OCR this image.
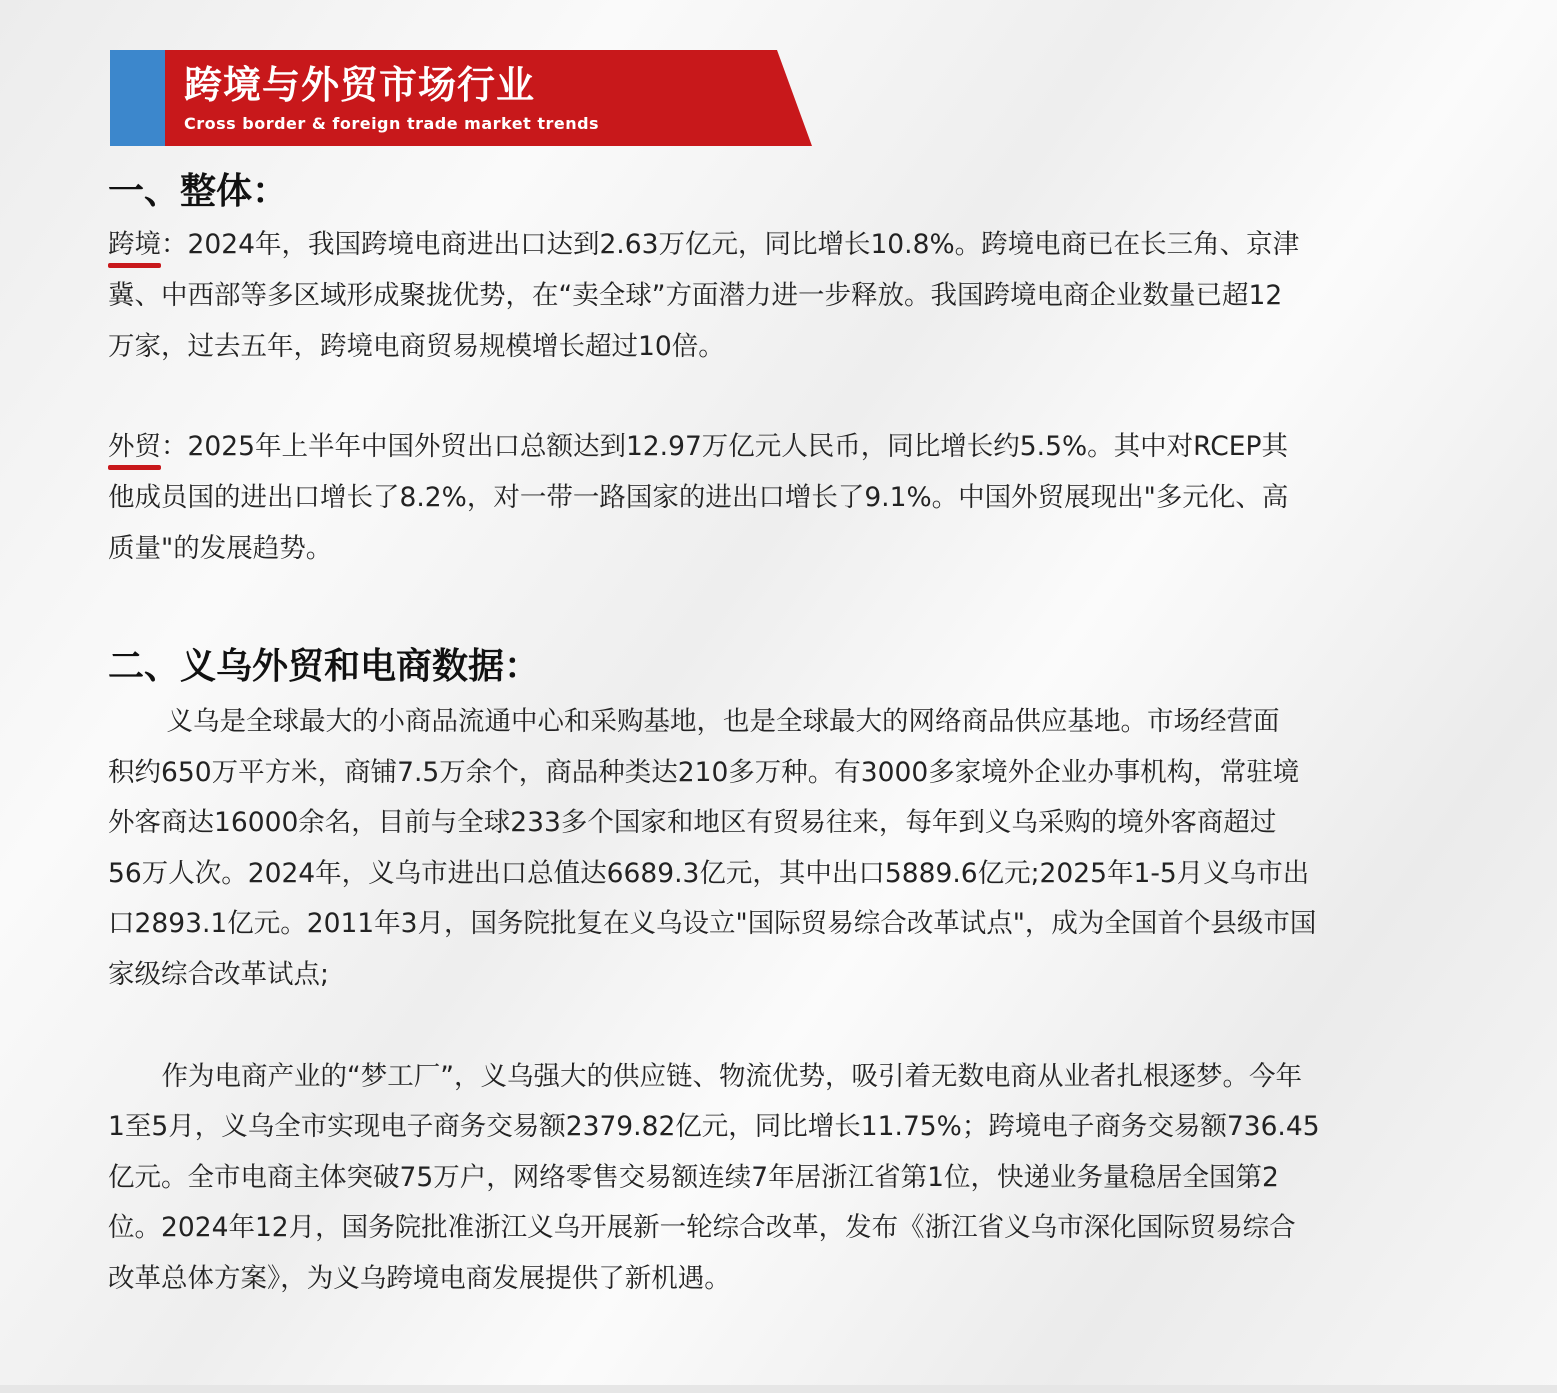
跨境与外贸市场行业
Cross border & foreign trade market trends
一、整体：
跨境：2024年，我国跨境电商进出口达到2.63万亿元，同比增长10.8%。跨境电商已在长三角、京津
冀、中西部等多区域形成聚拢优势，在“卖全球”方面潜力进一步释放。我国跨境电商企业数量已超12
万家，过去五年，跨境电商贸易规模增长超过10倍。
外贸：2025年上半年中国外贸出口总额达到12.97万亿元人民币，同比增长约5.5%。其中对RCEP其
他成员国的进出口增长了8.2%，对一带一路国家的进出口增长了9.1%。中国外贸展现出"多元化、高
质量"的发展趋势。
二、义乌外贸和电商数据：
　义乌是全球最大的小商品流通中心和采购基地，也是全球最大的网络商品供应基地。市场经营面
积约650万平方米，商铺7.5万余个，商品种类达210多万种。有3000多家境外企业办事机构，常驻境
外客商达16000余名，目前与全球233多个国家和地区有贸易往来，每年到义乌采购的境外客商超过
56万人次。2024年，义乌市进出口总值达6689.3亿元，其中出口5889.6亿元;2025年1-5月义乌市出
口2893.1亿元。2011年3月，国务院批复在义乌设立"国际贸易综合改革试点"，成为全国首个县级市国
家级综合改革试点;
　作为电商产业的“梦工厂”，义乌强大的供应链、物流优势，吸引着无数电商从业者扎根逐梦。今年
1至5月，义乌全市实现电子商务交易额2379.82亿元，同比增长11.75%；跨境电子商务交易额736.45
亿元。全市电商主体突破75万户，网络零售交易额连续7年居浙江省第1位，快递业务量稳居全国第2
位。2024年12月，国务院批准浙江义乌开展新一轮综合改革，发布《浙江省义乌市深化国际贸易综合
改革总体方案》，为义乌跨境电商发展提供了新机遇。
